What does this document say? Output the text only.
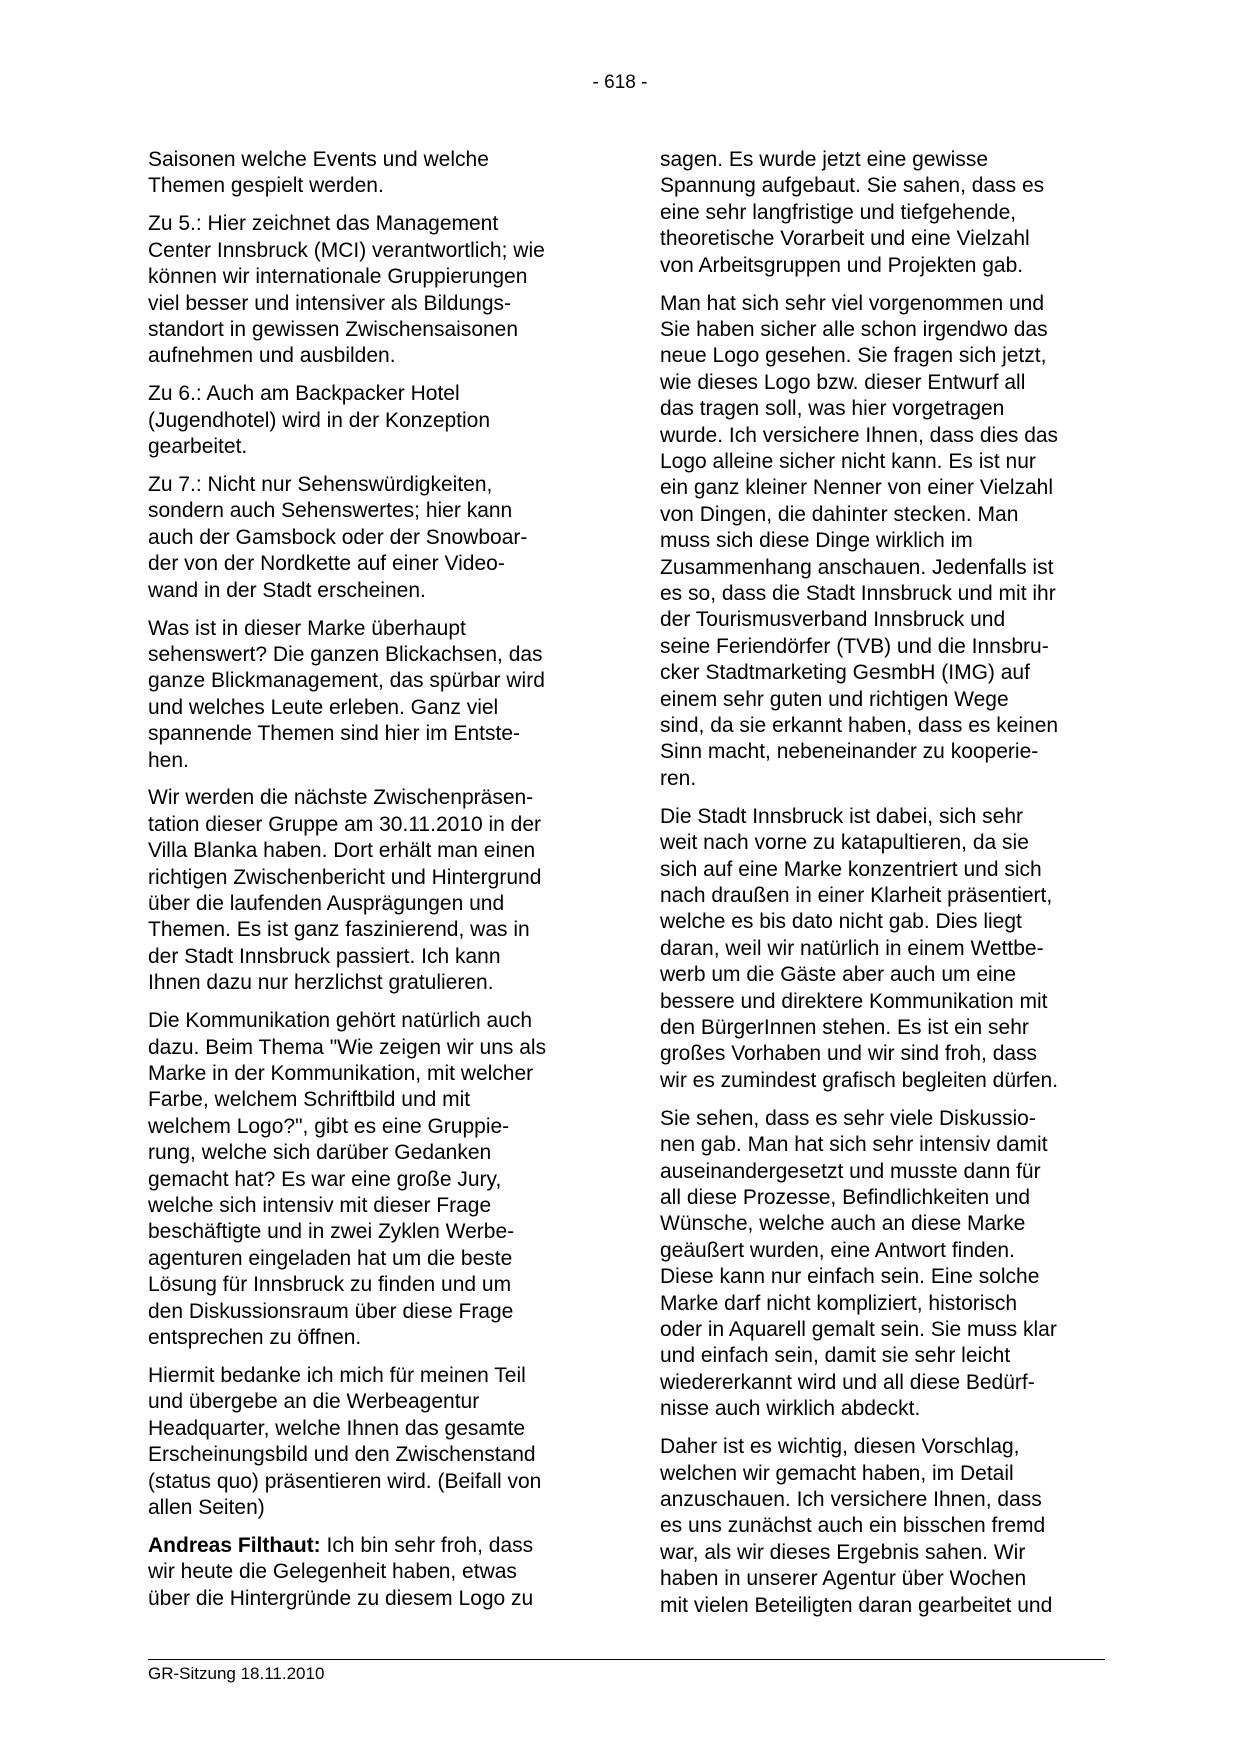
- 618 -

Saisonen welche Events und welche
Themen gespielt werden.

Zu 5.: Hier zeichnet das Management
Center Innsbruck (MCI) verantwortlich; wie
können wir internationale Gruppierungen
viel besser und intensiver als Bildungs-
standort in gewissen Zwischensaisonen
aufnehmen und ausbilden.

Zu 6.: Auch am Backpacker Hotel
(Jugendhotel) wird in der Konzeption
gearbeitet.

Zu 7.: Nicht nur Sehenswürdigkeiten,
sondern auch Sehenswertes; hier kann
auch der Gamsbock oder der Snowboar-
der von der Nordkette auf einer Video-
wand in der Stadt erscheinen.

Was ist in dieser Marke überhaupt
sehenswert? Die ganzen Blickachsen, das
ganze Blickmanagement, das spürbar wird
und welches Leute erleben. Ganz viel
spannende Themen sind hier im Entste-
hen.

Wir werden die nächste Zwischenpräsen-
tation dieser Gruppe am 30.11.2010 in der
Villa Blanka haben. Dort erhält man einen
richtigen Zwischenbericht und Hintergrund
über die laufenden Ausprägungen und
Themen. Es ist ganz faszinierend, was in
der Stadt Innsbruck passiert. Ich kann
Ihnen dazu nur herzlichst gratulieren.

Die Kommunikation gehört natürlich auch
dazu. Beim Thema "Wie zeigen wir uns als
Marke in der Kommunikation, mit welcher
Farbe, welchem Schriftbild und mit
welchem Logo?", gibt es eine Gruppie-
rung, welche sich darüber Gedanken
gemacht hat? Es war eine große Jury,
welche sich intensiv mit dieser Frage
beschäftigte und in zwei Zyklen Werbe-
agenturen eingeladen hat um die beste
Lösung für Innsbruck zu finden und um
den Diskussionsraum über diese Frage
entsprechen zu öffnen.

Hiermit bedanke ich mich für meinen Teil
und übergebe an die Werbeagentur
Headquarter, welche Ihnen das gesamte
Erscheinungsbild und den Zwischenstand
(status quo) präsentieren wird. (Beifall von
allen Seiten)

Andreas Filthaut: Ich bin sehr froh, dass
wir heute die Gelegenheit haben, etwas
über die Hintergründe zu diesem Logo zu

sagen. Es wurde jetzt eine gewisse
Spannung aufgebaut. Sie sahen, dass es
eine sehr langfristige und tiefgehende,
theoretische Vorarbeit und eine Vielzahl
von Arbeitsgruppen und Projekten gab.

Man hat sich sehr viel vorgenommen und
Sie haben sicher alle schon irgendwo das
neue Logo gesehen. Sie fragen sich jetzt,
wie dieses Logo bzw. dieser Entwurf all
das tragen soll, was hier vorgetragen
wurde. Ich versichere Ihnen, dass dies das
Logo alleine sicher nicht kann. Es ist nur
ein ganz kleiner Nenner von einer Vielzahl
von Dingen, die dahinter stecken. Man
muss sich diese Dinge wirklich im
Zusammenhang anschauen. Jedenfalls ist
es so, dass die Stadt Innsbruck und mit ihr
der Tourismusverband Innsbruck und
seine Feriendörfer (TVB) und die Innsbru-
cker Stadtmarketing GesmbH (IMG) auf
einem sehr guten und richtigen Wege
sind, da sie erkannt haben, dass es keinen
Sinn macht, nebeneinander zu kooperie-
ren.

Die Stadt Innsbruck ist dabei, sich sehr
weit nach vorne zu katapultieren, da sie
sich auf eine Marke konzentriert und sich
nach draußen in einer Klarheit präsentiert,
welche es bis dato nicht gab. Dies liegt
daran, weil wir natürlich in einem Wettbe-
werb um die Gäste aber auch um eine
bessere und direktere Kommunikation mit
den BürgerInnen stehen. Es ist ein sehr
großes Vorhaben und wir sind froh, dass
wir es zumindest grafisch begleiten dürfen.

Sie sehen, dass es sehr viele Diskussio-
nen gab. Man hat sich sehr intensiv damit
auseinandergesetzt und musste dann für
all diese Prozesse, Befindlichkeiten und
Wünsche, welche auch an diese Marke
geäußert wurden, eine Antwort finden.
Diese kann nur einfach sein. Eine solche
Marke darf nicht kompliziert, historisch
oder in Aquarell gemalt sein. Sie muss klar
und einfach sein, damit sie sehr leicht
wiedererkannt wird und all diese Bedürf-
nisse auch wirklich abdeckt.

Daher ist es wichtig, diesen Vorschlag,
welchen wir gemacht haben, im Detail
anzuschauen. Ich versichere Ihnen, dass
es uns zunächst auch ein bisschen fremd
war, als wir dieses Ergebnis sahen. Wir
haben in unserer Agentur über Wochen
mit vielen Beteiligten daran gearbeitet und

GR-Sitzung 18.11.2010
